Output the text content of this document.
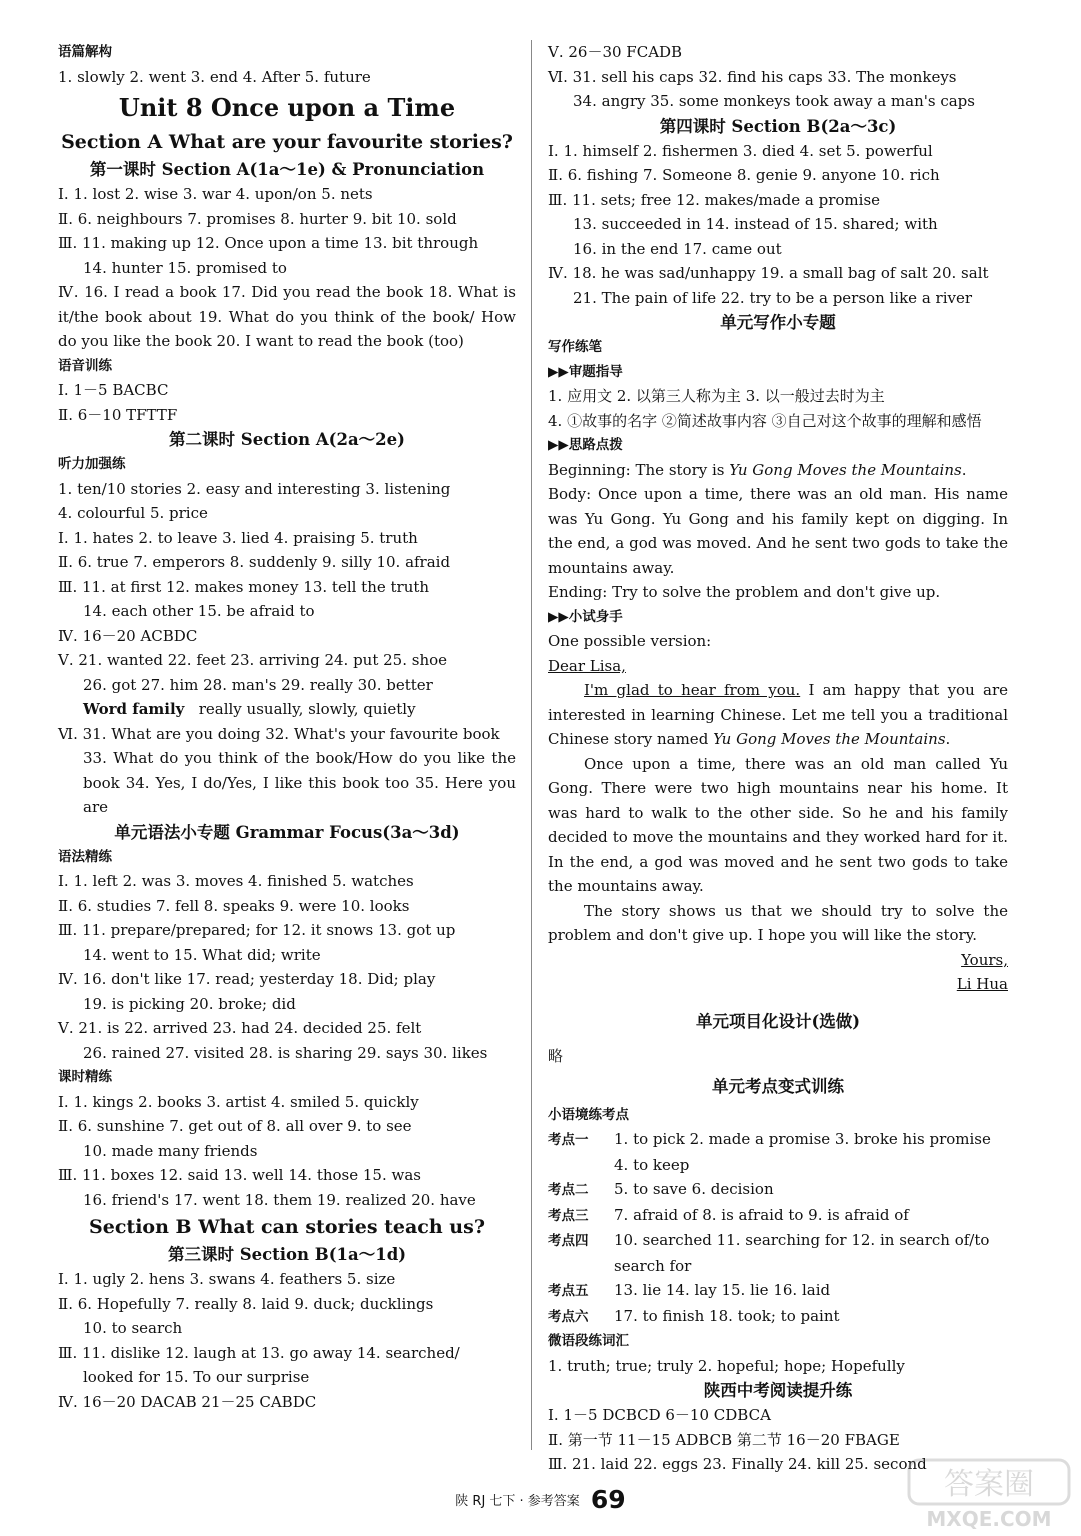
语篇解构
1. slowly 2. went 3. end 4. After 5. future
Unit 8 Once upon a Time
Section A What are your favourite stories?
第一课时 Section A(1a～1e) & Pronunciation
Ⅰ. 1. lost 2. wise 3. war 4. upon/on 5. nets
Ⅱ. 6. neighbours 7. promises 8. hurter 9. bit 10. sold
Ⅲ. 11. making up 12. Once upon a time 13. bit through
14. hunter 15. promised to
Ⅳ. 16. I read a book 17. Did you read the book 18. What is it/the book about 19. What do you think of the book/ How do you like the book 20. I want to read the book (too)
语音训练
Ⅰ. 1－5 BACBC
Ⅱ. 6－10 TFTTF
第二课时 Section A(2a～2e)
听力加强练
1. ten/10 stories 2. easy and interesting 3. listening
4. colourful 5. price
Ⅰ. 1. hates 2. to leave 3. lied 4. praising 5. truth
Ⅱ. 6. true 7. emperors 8. suddenly 9. silly 10. afraid
Ⅲ. 11. at first 12. makes money 13. tell the truth
14. each other 15. be afraid to
Ⅳ. 16－20 ACBDC
Ⅴ. 21. wanted 22. feet 23. arriving 24. put 25. shoe
26. got 27. him 28. man's 29. really 30. better
Word family really usually, slowly, quietly
Ⅵ. 31. What are you doing 32. What's your favourite book
33. What do you think of the book/How do you like the book 34. Yes, I do/Yes, I like this book too 35. Here you are
单元语法小专题 Grammar Focus(3a～3d)
语法精练
Ⅰ. 1. left 2. was 3. moves 4. finished 5. watches
Ⅱ. 6. studies 7. fell 8. speaks 9. were 10. looks
Ⅲ. 11. prepare/prepared; for 12. it snows 13. got up
14. went to 15. What did; write
Ⅳ. 16. don't like 17. read; yesterday 18. Did; play
19. is picking 20. broke; did
Ⅴ. 21. is 22. arrived 23. had 24. decided 25. felt
26. rained 27. visited 28. is sharing 29. says 30. likes
课时精练
Ⅰ. 1. kings 2. books 3. artist 4. smiled 5. quickly
Ⅱ. 6. sunshine 7. get out of 8. all over 9. to see
10. made many friends
Ⅲ. 11. boxes 12. said 13. well 14. those 15. was
16. friend's 17. went 18. them 19. realized 20. have
Section B What can stories teach us?
第三课时 Section B(1a～1d)
Ⅰ. 1. ugly 2. hens 3. swans 4. feathers 5. size
Ⅱ. 6. Hopefully 7. really 8. laid 9. duck; ducklings
10. to search
Ⅲ. 11. dislike 12. laugh at 13. go away 14. searched/
looked for 15. To our surprise
Ⅳ. 16－20 DACAB 21－25 CABDC
Ⅴ. 26－30 FCADB
Ⅵ. 31. sell his caps 32. find his caps 33. The monkeys
34. angry 35. some monkeys took away a man's caps
第四课时 Section B(2a～3c)
Ⅰ. 1. himself 2. fishermen 3. died 4. set 5. powerful
Ⅱ. 6. fishing 7. Someone 8. genie 9. anyone 10. rich
Ⅲ. 11. sets; free 12. makes/made a promise
13. succeeded in 14. instead of 15. shared; with
16. in the end 17. came out
Ⅳ. 18. he was sad/unhappy 19. a small bag of salt 20. salt
21. The pain of life 22. try to be a person like a river
单元写作小专题
写作练笔
▶▶审题指导
1. 应用文 2. 以第三人称为主 3. 以一般过去时为主
4. ①故事的名字 ②简述故事内容 ③自己对这个故事的理解和感悟
▶▶思路点拨
Beginning: The story is Yu Gong Moves the Mountains.
Body: Once upon a time, there was an old man. His name was Yu Gong. Yu Gong and his family kept on digging. In the end, a god was moved. And he sent two gods to take the mountains away.
Ending: Try to solve the problem and don't give up.
▶▶小试身手
One possible version:
Dear Lisa,
I'm glad to hear from you. I am happy that you are interested in learning Chinese. Let me tell you a traditional Chinese story named Yu Gong Moves the Mountains.
Once upon a time, there was an old man called Yu Gong. There were two high mountains near his home. It was hard to walk to the other side. So he and his family decided to move the mountains and they worked hard for it. In the end, a god was moved and he sent two gods to take the mountains away.
The story shows us that we should try to solve the problem and don't give up. I hope you will like the story.
Yours,
Li Hua
单元项目化设计(选做)
略
单元考点变式训练
小语境练考点
考点一 1. to pick 2. made a promise 3. broke his promise
4. to keep
考点二 5. to save 6. decision
考点三 7. afraid of 8. is afraid to 9. is afraid of
考点四 10. searched 11. searching for 12. in search of/to
search for
考点五 13. lie 14. lay 15. lie 16. laid
考点六 17. to finish 18. took; to paint
微语段练词汇
1. truth; true; truly 2. hopeful; hope; Hopefully
陕西中考阅读提升练
Ⅰ. 1－5 DCBCD 6－10 CDBCA
Ⅱ. 第一节 11－15 ADBCB 第二节 16－20 FBAGE
Ⅲ. 21. laid 22. eggs 23. Finally 24. kill 25. second
陕 RJ 七下 · 参考答案 69	答案圈
MXQE.COM
